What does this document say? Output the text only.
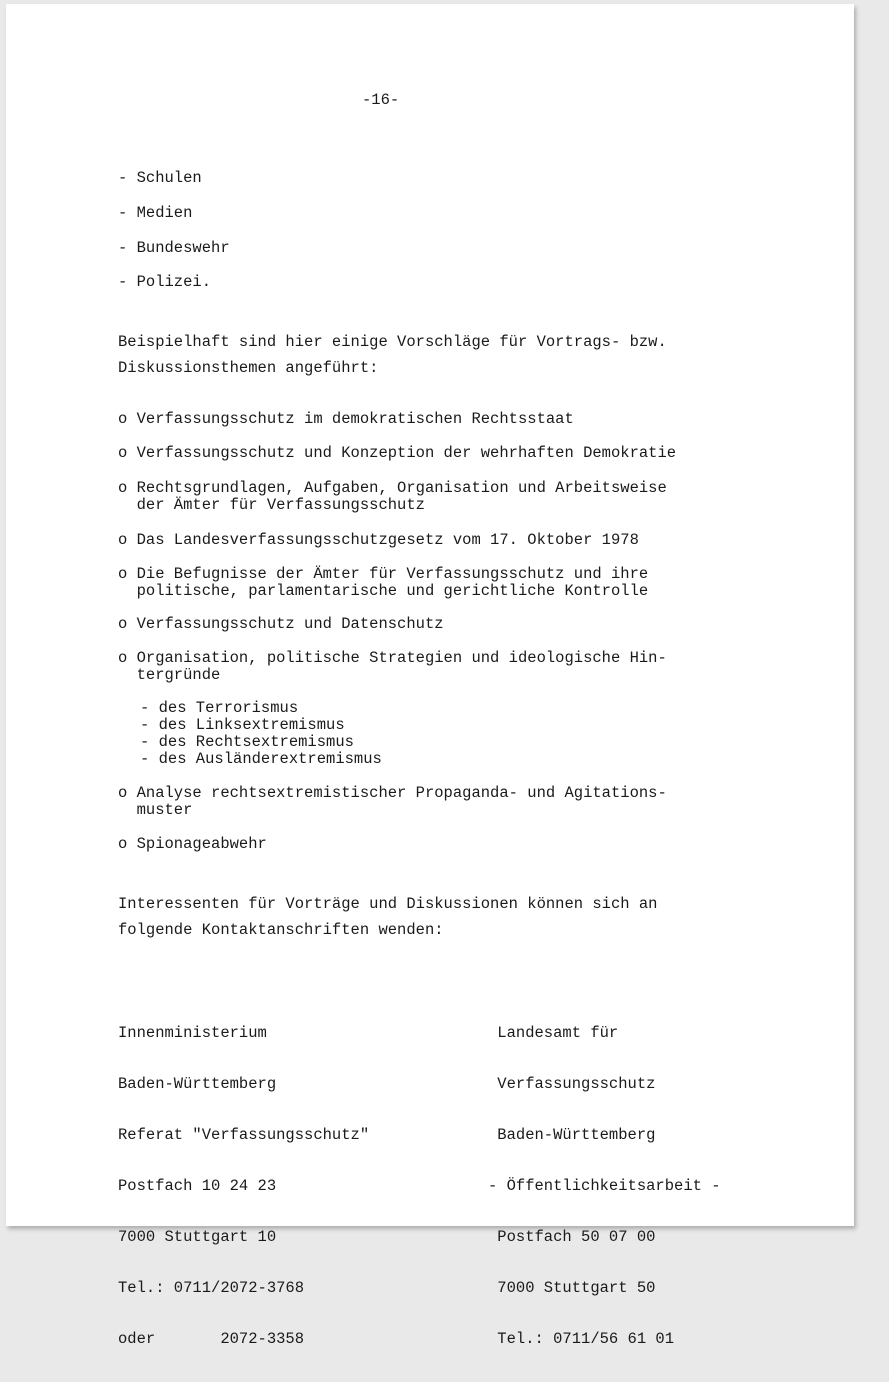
-16-
- Schulen
- Medien
- Bundeswehr
- Polizei.
Beispielhaft sind hier einige Vorschläge für Vortrags- bzw.
Diskussionsthemen angeführt:
o Verfassungsschutz im demokratischen Rechtsstaat
o Verfassungsschutz und Konzeption der wehrhaften Demokratie
o Rechtsgrundlagen, Aufgaben, Organisation und Arbeitsweise
der Ämter für Verfassungsschutz
o Das Landesverfassungsschutzgesetz vom 17. Oktober 1978
o Die Befugnisse der Ämter für Verfassungsschutz und ihre
politische, parlamentarische und gerichtliche Kontrolle
o Verfassungsschutz und Datenschutz
o Organisation, politische Strategien und ideologische Hin-
tergründe
- des Terrorismus
- des Linksextremismus
- des Rechtsextremismus
- des Ausländerextremismus
o Analyse rechtsextremistischer Propaganda- und Agitations-
muster
o Spionageabwehr
Interessenten für Vorträge und Diskussionen können sich an
folgende Kontaktanschriften wenden:

Innenministerium

Baden-Württemberg

Referat "Verfassungsschutz"

Postfach 10 24 23

7000 Stuttgart 10

Tel.: 0711/2072-3768

oder       2072-3358

Landesamt für

Verfassungsschutz

Baden-Württemberg

- Öffentlichkeitsarbeit -

Postfach 50 07 00

7000 Stuttgart 50

Tel.: 0711/56 61 01
